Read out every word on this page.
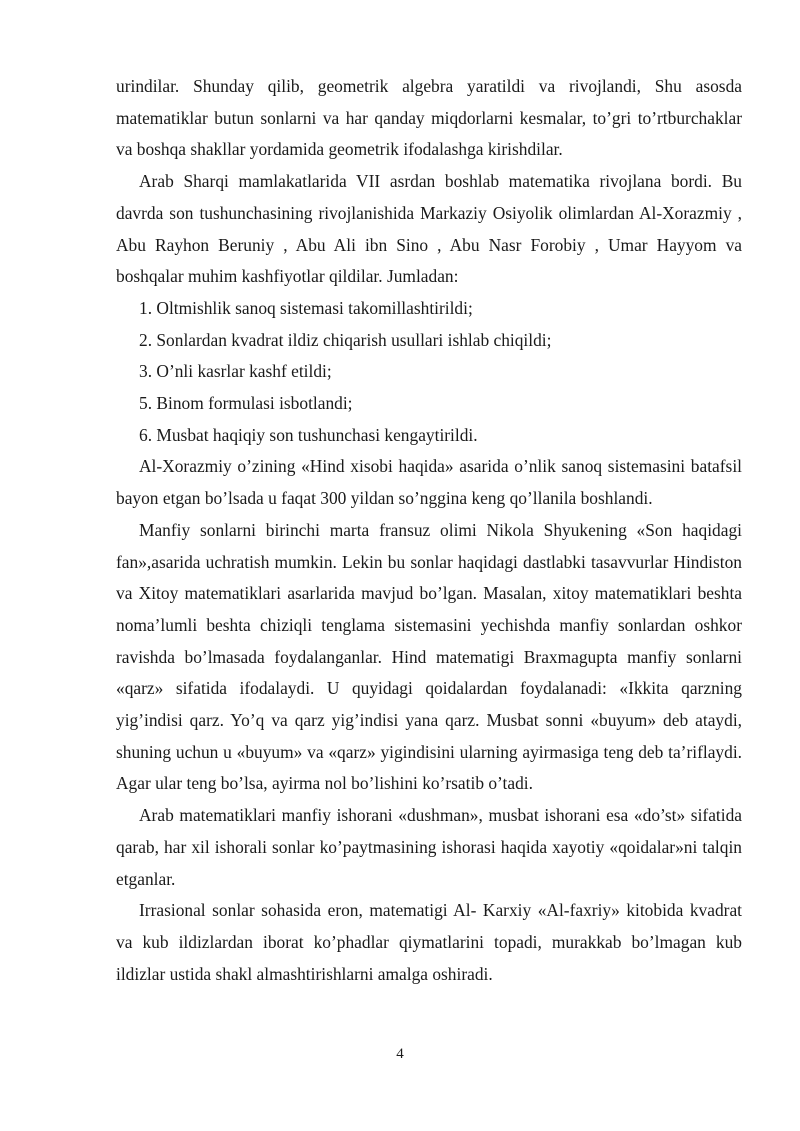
urindilar. Shunday qilib, geometrik algebra yaratildi va rivojlandi, Shu asosda matematiklar butun sonlarni va har qanday miqdorlarni kesmalar, to’gri to’rtburchaklar va boshqa shakllar yordamida geometrik ifodalashga kirishdilar.

Arab Sharqi mamlakatlarida VII asrdan boshlab matematika rivojlana bordi. Bu davrda son tushunchasining rivojlanishida Markaziy Osiyolik olimlardan Al-Xorazmiy , Abu Rayhon Beruniy , Abu Ali ibn Sino , Abu Nasr Forobiy , Umar Hayyom va boshqalar muhim kashfiyotlar qildilar. Jumladan:

1. Oltmishlik sanoq sistemasi takomillashtirildi;

2. Sonlardan kvadrat ildiz chiqarish usullari ishlab chiqildi;

3. O’nli kasrlar kashf etildi;

5. Binom formulasi isbotlandi;

6. Musbat haqiqiy son tushunchasi kengaytirildi.

Al-Xorazmiy o’zining «Hind xisobi haqida» asarida o’nlik sanoq sistemasini batafsil bayon etgan bo’lsada u faqat 300 yildan so’nggina keng qo’llanila boshlandi.

Manfiy sonlarni birinchi marta fransuz olimi Nikola Shyukening «Son haqidagi fan»,asarida uchratish mumkin. Lekin bu sonlar haqidagi dastlabki tasavvurlar Hindiston va Xitoy matematiklari asarlarida mavjud bo’lgan. Masalan, xitoy matematiklari beshta noma’lumli beshta chiziqli tenglama sistemasini yechishda manfiy sonlardan oshkor ravishda bo’lmasada foydalanganlar. Hind matematigi Braxmagupta manfiy sonlarni «qarz» sifatida ifodalaydi. U quyidagi qoidalardan foydalanadi: «Ikkita qarzning yig’indisi qarz. Yo’q va qarz yig’indisi yana qarz. Musbat sonni «buyum» deb ataydi, shuning uchun u «buyum» va «qarz» yigindisini ularning ayirmasiga teng deb ta’riflaydi. Agar ular teng bo’lsa, ayirma nol bo’lishini ko’rsatib o’tadi.

Arab matematiklari manfiy ishorani «dushman», musbat ishorani esa «do’st» sifatida qarab, har xil ishorali sonlar ko’paytmasining ishorasi haqida xayotiy «qoidalar»ni talqin etganlar.

Irrasional sonlar sohasida eron, matematigi Al- Karxiy «Al-faxriy» kitobida kvadrat va kub ildizlardan iborat ko’phadlar qiymatlarini topadi, murakkab bo’lmagan kub ildizlar ustida shakl almashtirishlarni amalga oshiradi.

4
